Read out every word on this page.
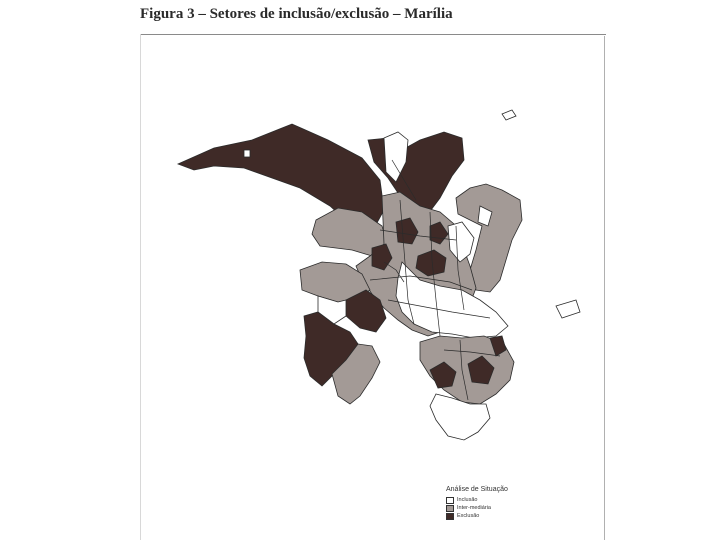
Figura 3 – Setores de inclusão/exclusão – Marília
Análise de Situação
Inclusão
Inter-mediária
Exclusão
